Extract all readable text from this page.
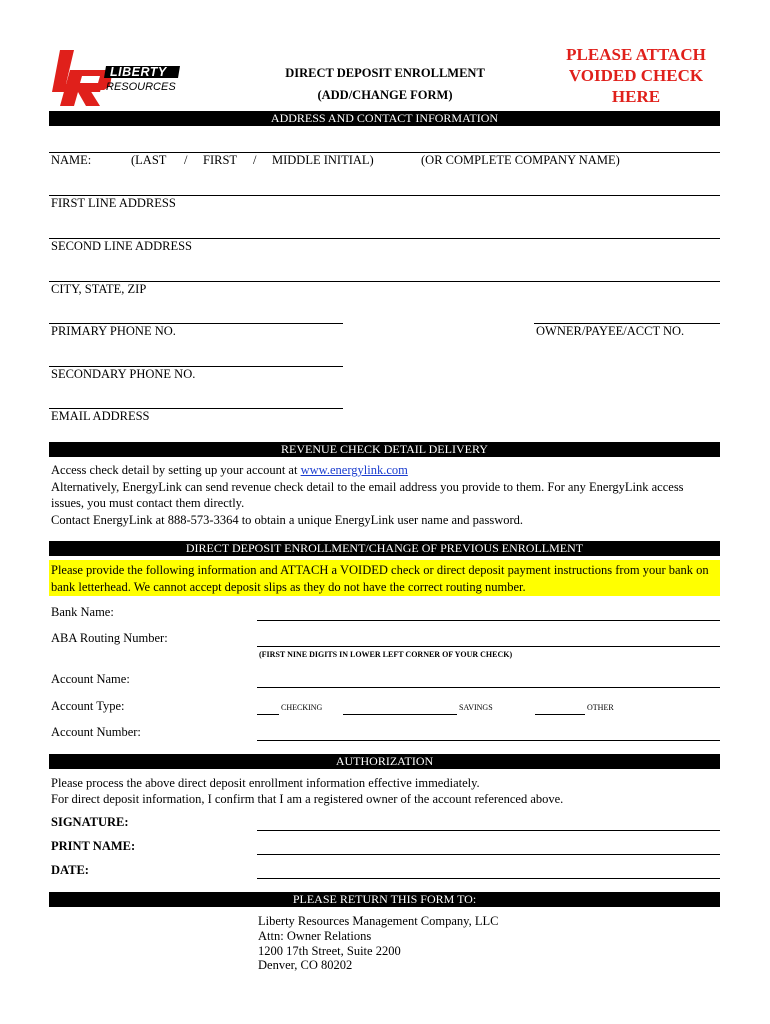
LIBERTY
RESOURCES
DIRECT DEPOSIT ENROLLMENT
(ADD/CHANGE FORM)
PLEASE ATTACH
VOIDED CHECK
HERE
ADDRESS AND CONTACT INFORMATION
NAME:	(LAST / FIRST / MIDDLE INITIAL)	(OR COMPLETE COMPANY NAME)
FIRST LINE ADDRESS
SECOND LINE ADDRESS
CITY, STATE, ZIP
PRIMARY PHONE NO.	OWNER/PAYEE/ACCT NO.
SECONDARY PHONE NO.
EMAIL ADDRESS
REVENUE CHECK DETAIL DELIVERY
Access check detail by setting up your account at www.energylink.com
Alternatively, EnergyLink can send revenue check detail to the email address you provide to them. For any EnergyLink access
issues, you must contact them directly.
Contact EnergyLink at 888-573-3364 to obtain a unique EnergyLink user name and password.
DIRECT DEPOSIT ENROLLMENT/CHANGE OF PREVIOUS ENROLLMENT
Please provide the following information and ATTACH a VOIDED check or direct deposit payment instructions from your bank on
bank letterhead. We cannot accept deposit slips as they do not have the correct routing number.
Bank Name:
ABA Routing Number:
(FIRST NINE DIGITS IN LOWER LEFT CORNER OF YOUR CHECK)
Account Name:
Account Type:	CHECKING	SAVINGS	OTHER
Account Number:
AUTHORIZATION
Please process the above direct deposit enrollment information effective immediately.
For direct deposit information, I confirm that I am a registered owner of the account referenced above.
SIGNATURE:
PRINT NAME:
DATE:
PLEASE RETURN THIS FORM TO:
Liberty Resources Management Company, LLC
Attn: Owner Relations
1200 17th Street, Suite 2200
Denver, CO 80202
